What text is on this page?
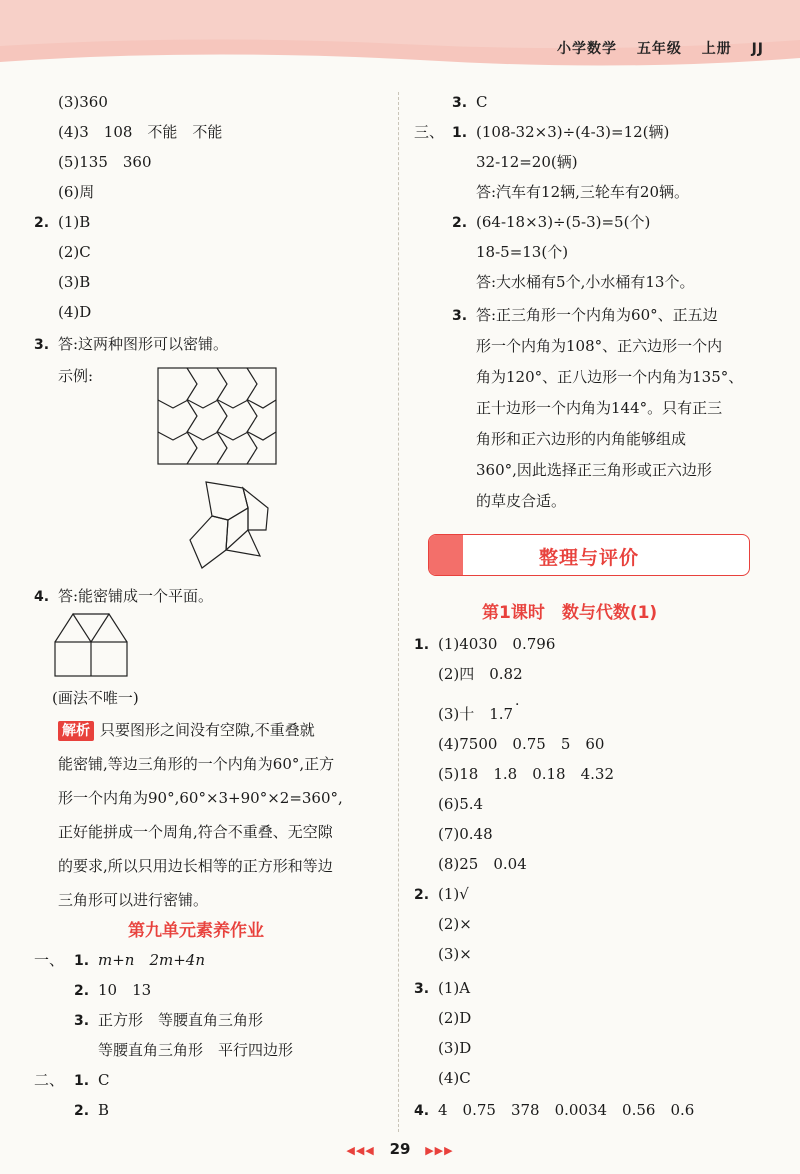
小学数学 五年级 上册 JJ
(3)360
(4)3　108　不能　不能
(5)135　360
(6)周
2. (1)B
(2)C
(3)B
(4)D
3. 答:这两种图形可以密铺。
示例:
4. 答:能密铺成一个平面。
(画法不唯一)
解析 只要图形之间没有空隙,不重叠就
能密铺,等边三角形的一个内角为60°,正方
形一个内角为90°,60°×3+90°×2=360°,
正好能拼成一个周角,符合不重叠、无空隙
的要求,所以只用边长相等的正方形和等边
三角形可以进行密铺。
第九单元素养作业
一、 1. m+n　2m+4n
2. 10　13
3. 正方形　等腰直角三角形
等腰直角三角形　平行四边形
二、 1. C
2. B
3. C
三、 1. (108-32×3)÷(4-3)=12(辆)
32-12=20(辆)
答:汽车有12辆,三轮车有20辆。
2. (64-18×3)÷(5-3)=5(个)
18-5=13(个)
答:大水桶有5个,小水桶有13个。
3. 答:正三角形一个内角为60°、正五边
形一个内角为108°、正六边形一个内
角为120°、正八边形一个内角为135°、
正十边形一个内角为144°。只有正三
角形和正六边形的内角能够组成
360°,因此选择正三角形或正六边形
的草皮合适。
整理与评价
第1课时　数与代数(1)
1. (1)4030　0.796
(2)四　0.82
·
(3)十　1.7
(4)7500　0.75　5　60
(5)18　1.8　0.18　4.32
(6)5.4
(7)0.48
(8)25　0.04
2. (1)√
(2)×
(3)×
3. (1)A
(2)D
(3)D
(4)C
4. 4　0.75　378　0.0034　0.56　0.6
◀◀◀ 29 ▶▶▶
